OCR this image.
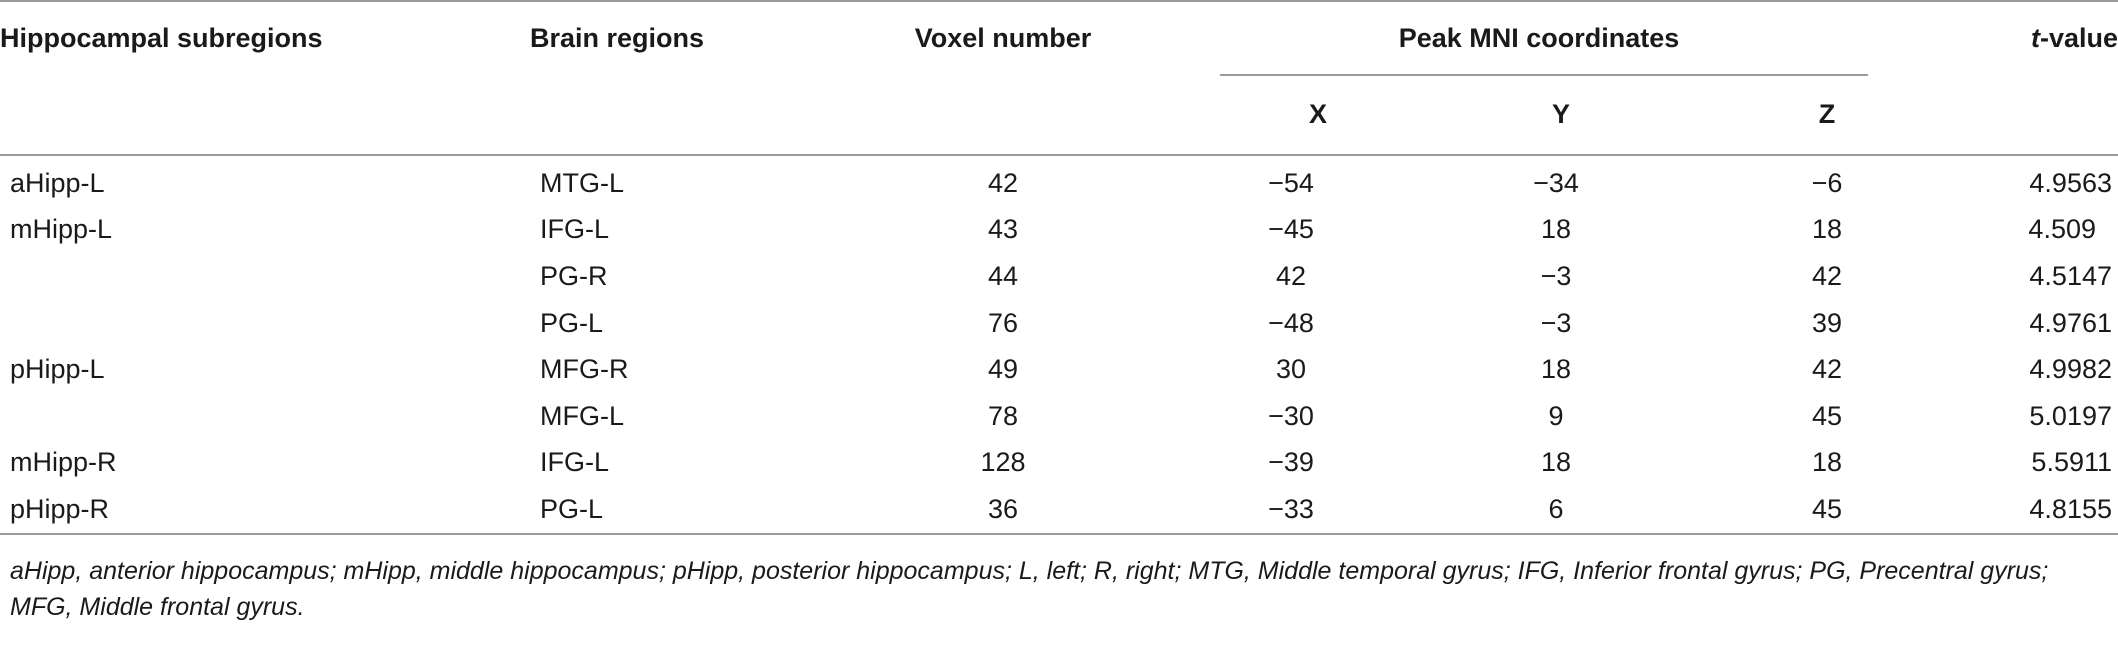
Hippocampal subregions	Brain regions	Voxel number	Peak MNI coordinates			t-value
			X	Y	Z	
aHipp-L	MTG-L	42	−54	−34	−6	4.9563
mHipp-L	IFG-L	43	−45	18	18	4.509
	PG-R	44	42	−3	42	4.5147
	PG-L	76	−48	−3	39	4.9761
pHipp-L	MFG-R	49	30	18	42	4.9982
	MFG-L	78	−30	9	45	5.0197
mHipp-R	IFG-L	128	−39	18	18	5.5911
pHipp-R	PG-L	36	−33	6	45	4.8155
aHipp, anterior hippocampus; mHipp, middle hippocampus; pHipp, posterior hippocampus; L, left; R, right; MTG, Middle temporal gyrus; IFG, Inferior frontal gyrus; PG, Precentral gyrus; MFG, Middle frontal gyrus.
